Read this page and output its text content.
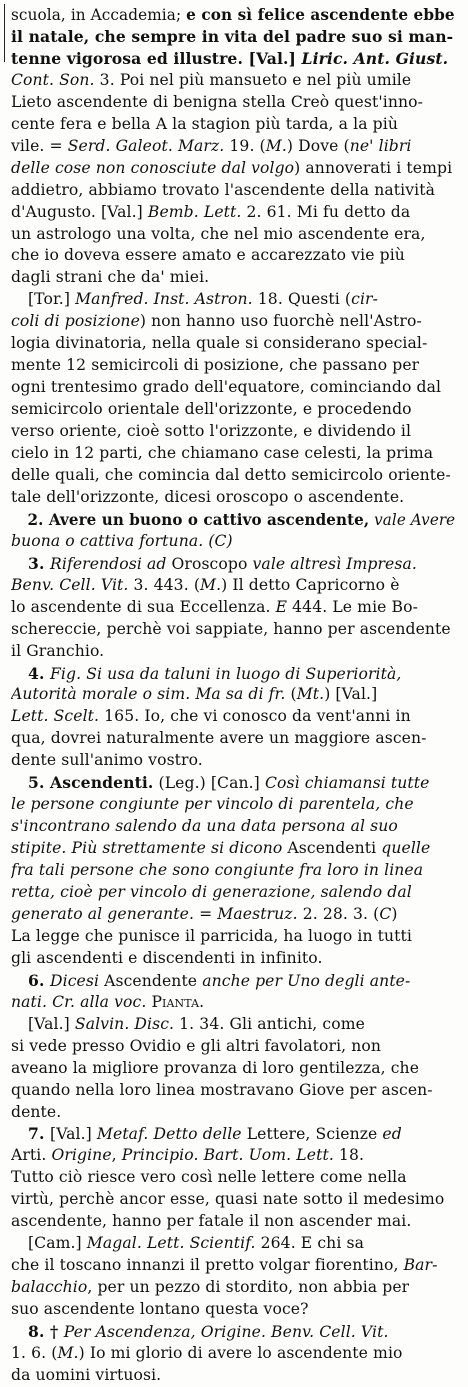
scuola, in Accademia; e con sì felice ascendente ebbe
il natale, che sempre in vita del padre suo si man-
tenne vigorosa ed illustre. [Val.] Liric. Ant. Giust.
Cont. Son. 3. Poi nel più mansueto e nel più umile
Lieto ascendente di benigna stella Creò quest'inno-
cente fera e bella A la stagion più tarda, a la più
vile. = Serd. Galeot. Marz. 19. (M.) Dove (ne' libri
delle cose non conosciute dal volgo) annoverati i tempi
addietro, abbiamo trovato l'ascendente della natività
d'Augusto. [Val.] Bemb. Lett. 2. 61. Mi fu detto da
un astrologo una volta, che nel mio ascendente era,
che io doveva essere amato e accarezzato vie più
dagli strani che da' miei.
[Tor.] Manfred. Inst. Astron. 18. Questi (cir-
coli di posizione) non hanno uso fuorchè nell'Astro-
logia divinatoria, nella quale si considerano special-
mente 12 semicircoli di posizione, che passano per
ogni trentesimo grado dell'equatore, cominciando dal
semicircolo orientale dell'orizzonte, e procedendo
verso oriente, cioè sotto l'orizzonte, e dividendo il
cielo in 12 parti, che chiamano case celesti, la prima
delle quali, che comincia dal detto semicircolo oriente-
tale dell'orizzonte, dicesi oroscopo o ascendente.
2. Avere un buono o cattivo ascendente, vale Avere
buona o cattiva fortuna. (C)
3. Riferendosi ad Oroscopo vale altresì Impresa.
Benv. Cell. Vit. 3. 443. (M.) Il detto Capricorno è
lo ascendente di sua Eccellenza. E 444. Le mie Bo-
schereccie, perchè voi sappiate, hanno per ascendente
il Granchio.
4. Fig. Si usa da taluni in luogo di Superiorità,
Autorità morale o sim. Ma sa di fr. (Mt.) [Val.]
Lett. Scelt. 165. Io, che vi conosco da vent'anni in
qua, dovrei naturalmente avere un maggiore ascen-
dente sull'animo vostro.
5. Ascendenti. (Leg.) [Can.] Così chiamansi tutte
le persone congiunte per vincolo di parentela, che
s'incontrano salendo da una data persona al suo
stipite. Più strettamente si dicono Ascendenti quelle
fra tali persone che sono congiunte fra loro in linea
retta, cioè per vincolo di generazione, salendo dal
generato al generante. = Maestruz. 2. 28. 3. (C)
La legge che punisce il parricida, ha luogo in tutti
gli ascendenti e discendenti in infinito.
6. Dicesi Ascendente anche per Uno degli ante-
nati. Cr. alla voc. Pianta.
[Val.] Salvin. Disc. 1. 34. Gli antichi, come
si vede presso Ovidio e gli altri favolatori, non
aveano la migliore provanza di loro gentilezza, che
quando nella loro linea mostravano Giove per ascen-
dente.
7. [Val.] Metaf. Detto delle Lettere, Scienze ed
Arti. Origine, Principio. Bart. Uom. Lett. 18.
Tutto ciò riesce vero così nelle lettere come nella
virtù, perchè ancor esse, quasi nate sotto il medesimo
ascendente, hanno per fatale il non ascender mai.
[Cam.] Magal. Lett. Scientif. 264. E chi sa
che il toscano innanzi il pretto volgar fiorentino, Bar-
balacchio, per un pezzo di stordito, non abbia per
suo ascendente lontano questa voce?
8. † Per Ascendenza, Origine. Benv. Cell. Vit.
1. 6. (M.) Io mi glorio di avere lo ascendente mio
da uomini virtuosi.
